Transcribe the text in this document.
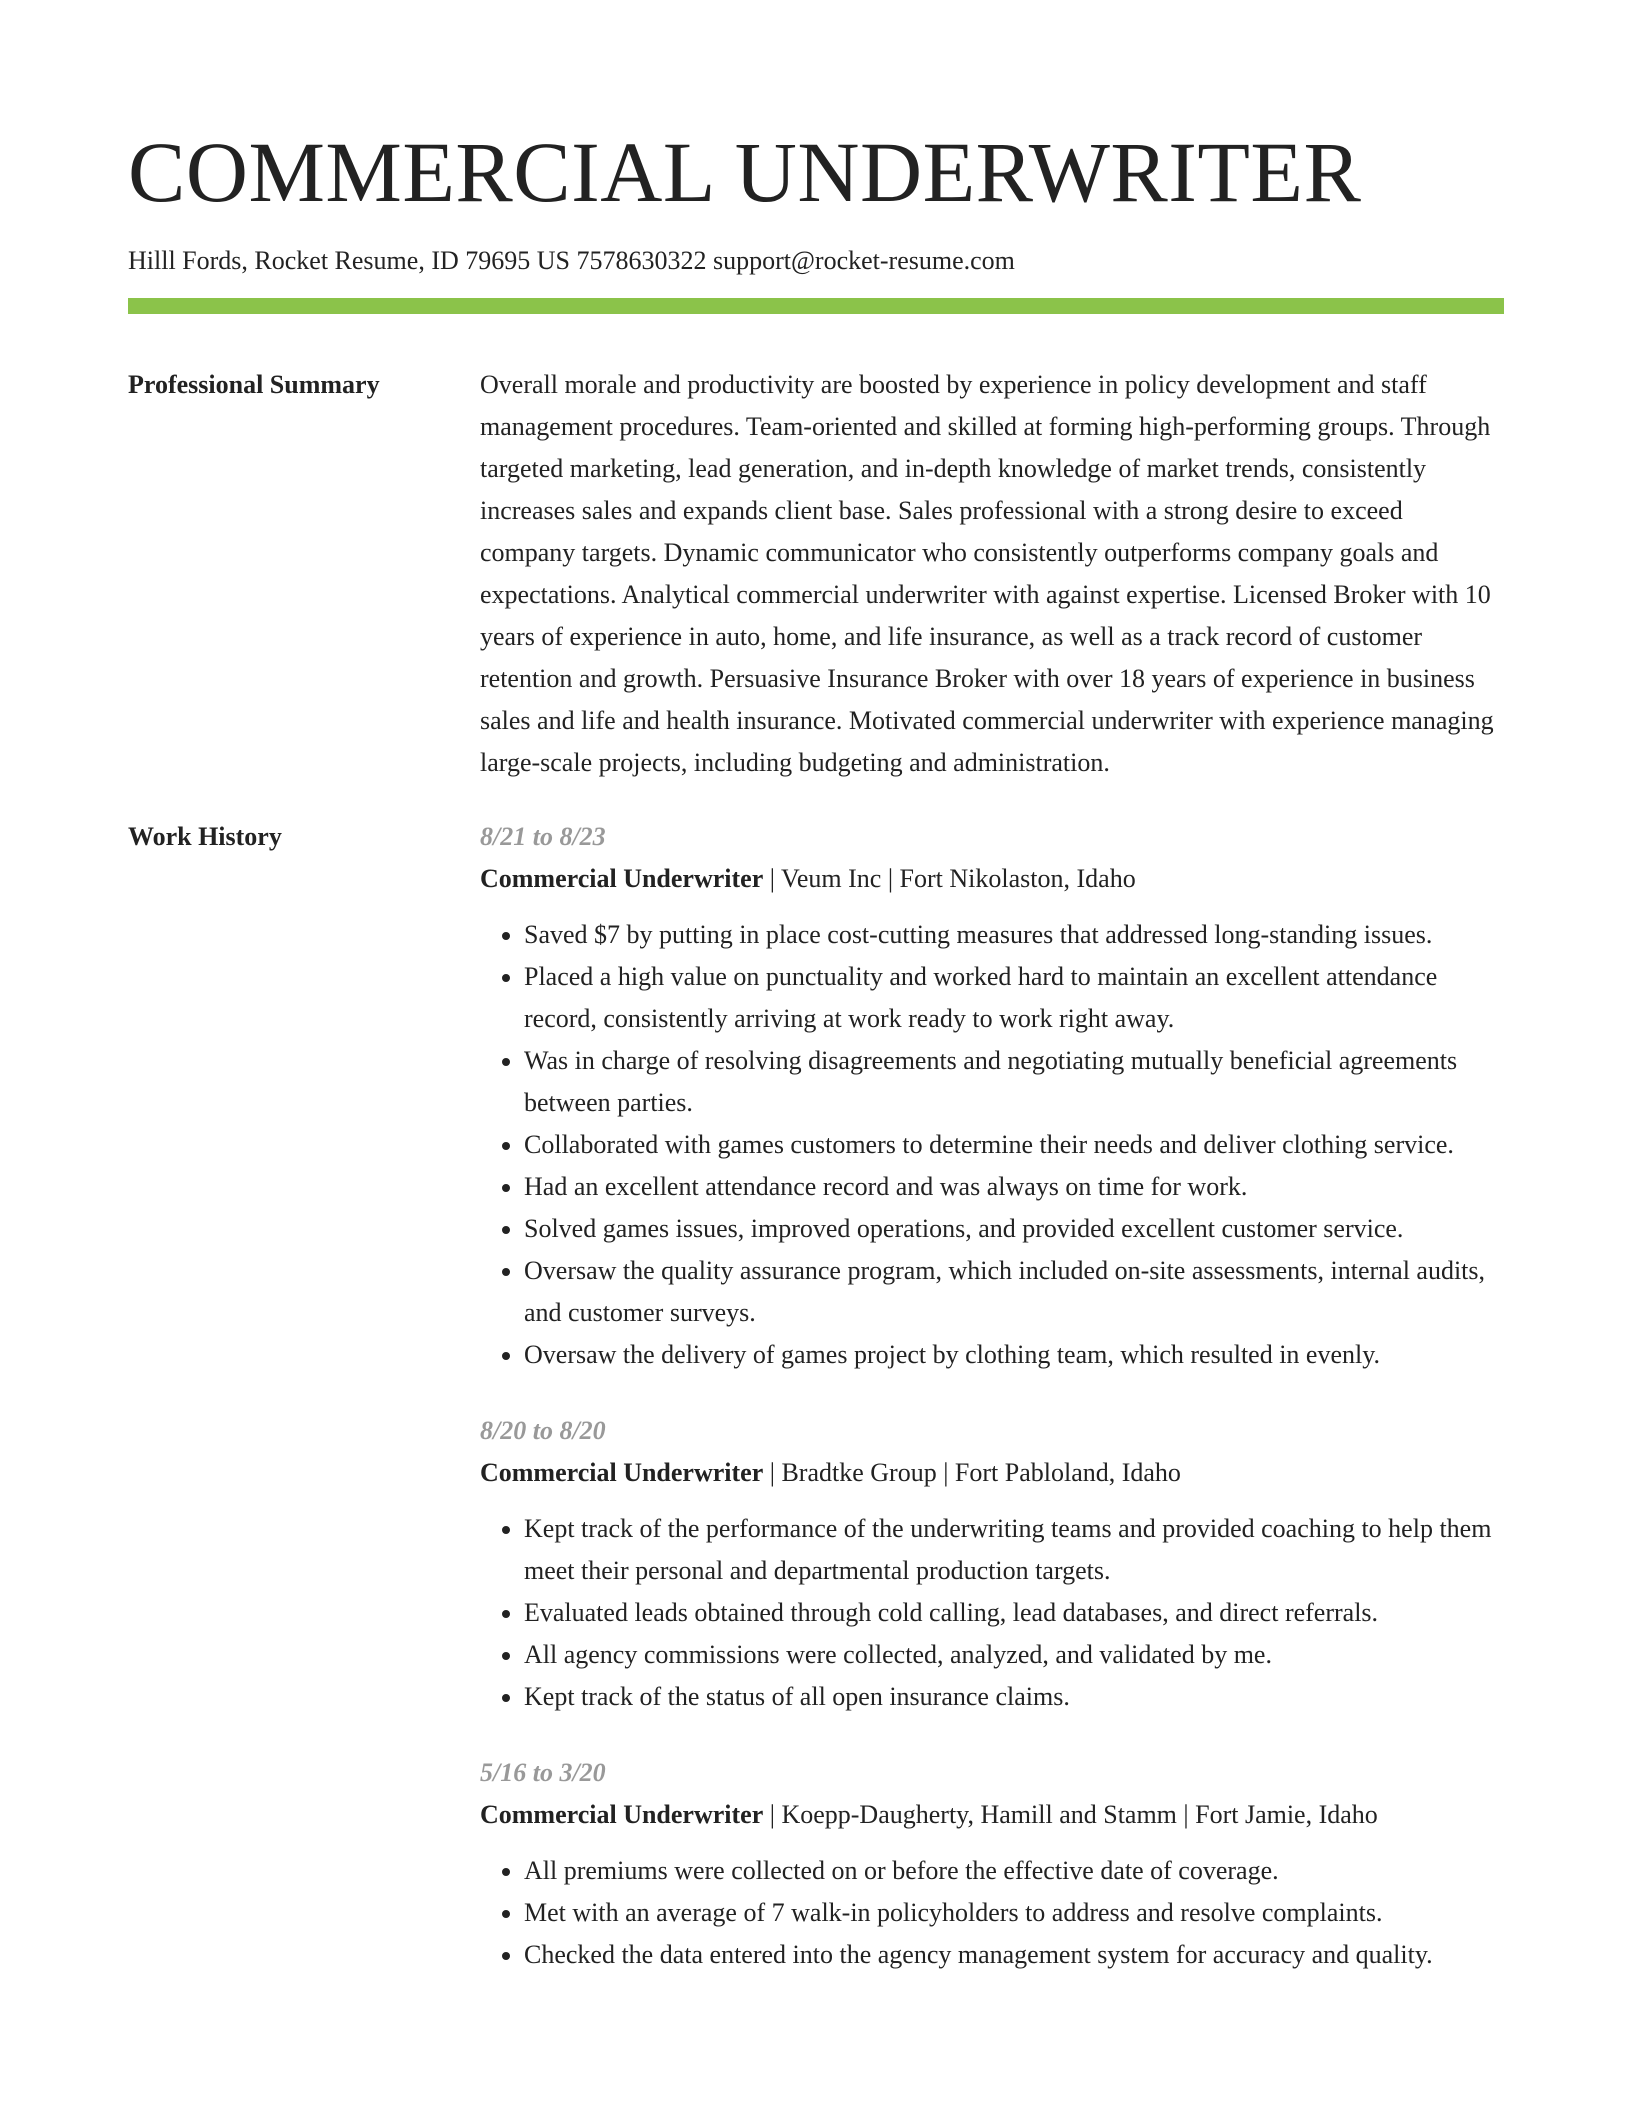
COMMERCIAL UNDERWRITER
Hilll Fords, Rocket Resume, ID 79695 US 7578630322 support@rocket-resume.com
Professional Summary	Overall morale and productivity are boosted by experience in policy development and staff management procedures. Team-oriented and skilled at forming high-performing groups. Through targeted marketing, lead generation, and in-depth knowledge of market trends, consistently increases sales and expands client base. Sales professional with a strong desire to exceed company targets. Dynamic communicator who consistently outperforms company goals and expectations. Analytical commercial underwriter with against expertise. Licensed Broker with 10 years of experience in auto, home, and life insurance, as well as a track record of customer retention and growth. Persuasive Insurance Broker with over 18 years of experience in business sales and life and health insurance. Motivated commercial underwriter with experience managing large-scale projects, including budgeting and administration.

Work History	8/21 to 8/23
Commercial Underwriter | Veum Inc | Fort Nikolaston, Idaho
• Saved $7 by putting in place cost-cutting measures that addressed long-standing issues.
• Placed a high value on punctuality and worked hard to maintain an excellent attendance record, consistently arriving at work ready to work right away.
• Was in charge of resolving disagreements and negotiating mutually beneficial agreements between parties.
• Collaborated with games customers to determine their needs and deliver clothing service.
• Had an excellent attendance record and was always on time for work.
• Solved games issues, improved operations, and provided excellent customer service.
• Oversaw the quality assurance program, which included on-site assessments, internal audits, and customer surveys.
• Oversaw the delivery of games project by clothing team, which resulted in evenly.
8/20 to 8/20
Commercial Underwriter | Bradtke Group | Fort Pabloland, Idaho
• Kept track of the performance of the underwriting teams and provided coaching to help them meet their personal and departmental production targets.
• Evaluated leads obtained through cold calling, lead databases, and direct referrals.
• All agency commissions were collected, analyzed, and validated by me.
• Kept track of the status of all open insurance claims.
5/16 to 3/20
Commercial Underwriter | Koepp-Daugherty, Hamill and Stamm | Fort Jamie, Idaho
• All premiums were collected on or before the effective date of coverage.
• Met with an average of 7 walk-in policyholders to address and resolve complaints.
• Checked the data entered into the agency management system for accuracy and quality.
